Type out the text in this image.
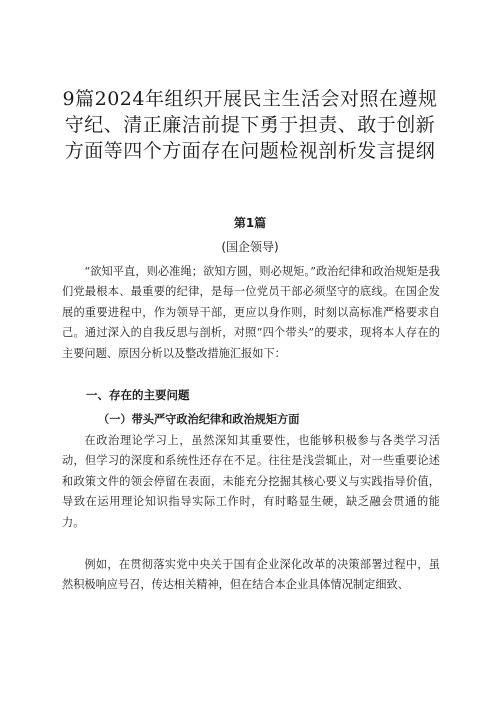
9篇2024年组织开展民主生活会对照在遵规守纪、清正廉洁前提下勇于担责、敢于创新方面等四个方面存在问题检视剖析发言提纲
第1篇
(国企领导)

“欲知平直，则必准绳；欲知方圆，则必规矩。”政治纪律和政治规矩是我们党最根本、最重要的纪律，是每一位党员干部必须坚守的底线。在国企发展的重要进程中，作为领导干部，更应以身作则，时刻以高标准严格要求自己。通过深入的自我反思与剖析，对照“四个带头”的要求，现将本人存在的主要问题、原因分析以及整改措施汇报如下：

一、存在的主要问题
（一）带头严守政治纪律和政治规矩方面

在政治理论学习上，虽然深知其重要性，也能够积极参与各类学习活动，但学习的深度和系统性还存在不足。往往是浅尝辄止，对一些重要论述和政策文件的领会停留在表面，未能充分挖掘其核心要义与实践指导价值，导致在运用理论知识指导实际工作时，有时略显生硬，缺乏融会贯通的能力。

例如，在贯彻落实党中央关于国有企业深化改革的决策部署过程中，虽然积极响应号召，传达相关精神，但在结合本企业具体情况制定细致、
